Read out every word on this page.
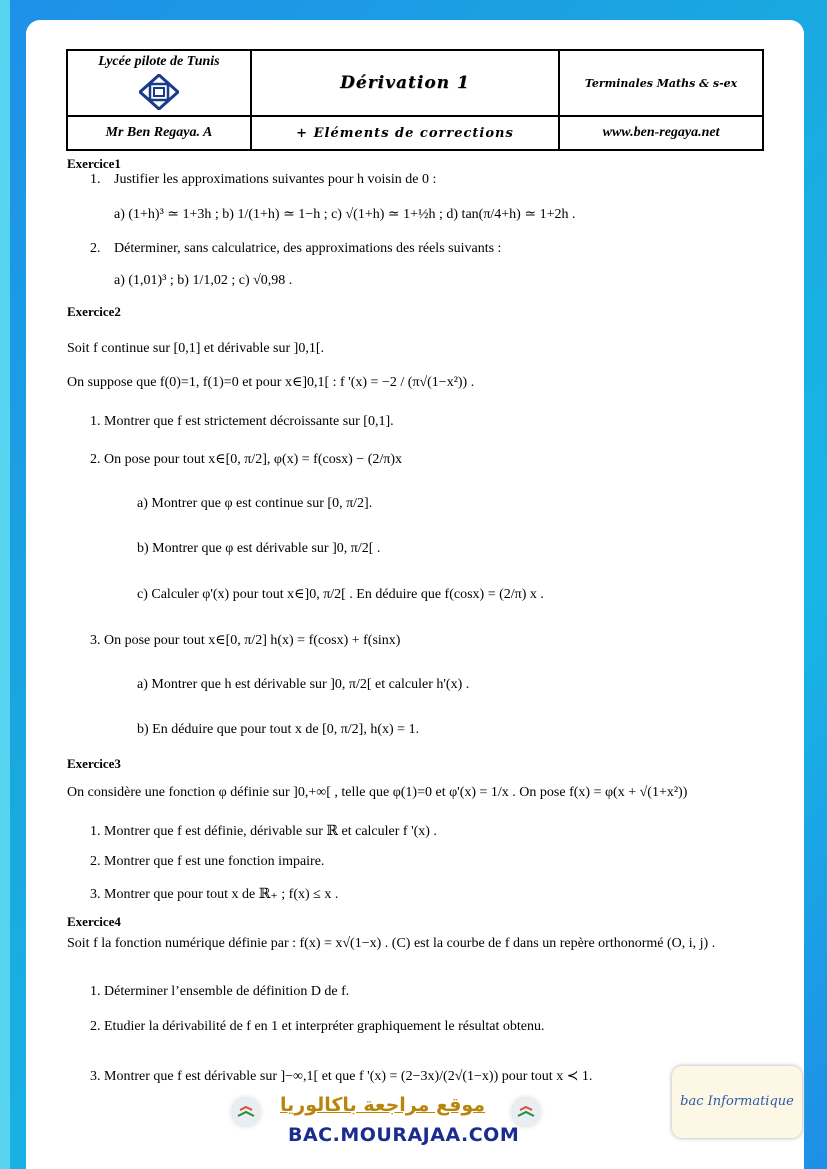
Lycée pilote de Tunis	Dérivation 1	Terminales Maths & s-ex

Mr Ben Regaya. A	+ Eléments de corrections	www.ben-regaya.net
Exercice1
1. Justifier les approximations suivantes pour h voisin de 0 :
a) (1+h)³ ≃ 1+3h ; b) 1/(1+h) ≃ 1−h ; c) √(1+h) ≃ 1+½h ; d) tan(π/4+h) ≃ 1+2h .
2. Déterminer, sans calculatrice, des approximations des réels suivants :
a) (1,01)³ ; b) 1/1,02 ; c) √0,98 .
Exercice2
Soit f continue sur [0,1] et dérivable sur ]0,1[.
On suppose que f(0)=1, f(1)=0 et pour x∈]0,1[ : f '(x) = −2 / (π√(1−x²)) .
1. Montrer que f est strictement décroissante sur [0,1].
2. On pose pour tout x∈[0, π/2], φ(x) = f(cosx) − (2/π)x
a) Montrer que φ est continue sur [0, π/2].
b) Montrer que φ est dérivable sur ]0, π/2[ .
c) Calculer φ'(x) pour tout x∈]0, π/2[ . En déduire que f(cosx) = (2/π) x .
3. On pose pour tout x∈[0, π/2] h(x) = f(cosx) + f(sinx)
a) Montrer que h est dérivable sur ]0, π/2[ et calculer h'(x) .
b) En déduire que pour tout x de [0, π/2], h(x) = 1.
Exercice3
On considère une fonction φ définie sur ]0,+∞[ , telle que φ(1)=0 et φ'(x) = 1/x . On pose f(x) = φ(x + √(1+x²))
1. Montrer que f est définie, dérivable sur ℝ et calculer f '(x) .
2. Montrer que f est une fonction impaire.
3. Montrer que pour tout x de ℝ₊ ; f(x) ≤ x .
Exercice4
Soit f la fonction numérique définie par : f(x) = x√(1−x) . (C) est la courbe de f dans un repère orthonormé (O, i, j) .
1. Déterminer l’ensemble de définition D de f.
2. Etudier la dérivabilité de f en 1 et interpréter graphiquement le résultat obtenu.
3. Montrer que f est dérivable sur ]−∞,1[ et que f '(x) = (2−3x)/(2√(1−x)) pour tout x ≺ 1.
موقع مراجعة باكالوريا
BAC.MOURAJAA.COM
bac Informatique
